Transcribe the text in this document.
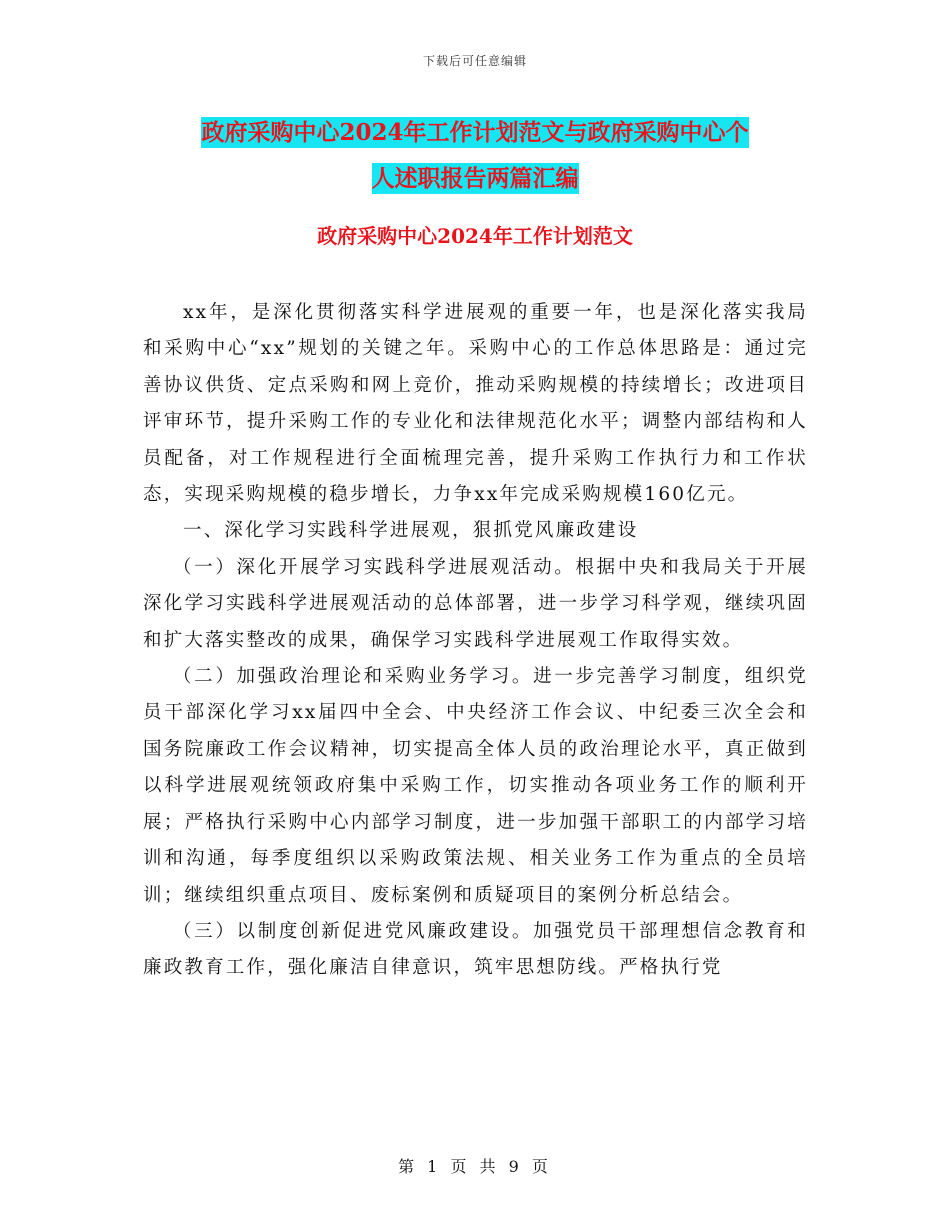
下载后可任意编辑
政府采购中心2024年工作计划范文与政府采购中心个
人述职报告两篇汇编
政府采购中心2024年工作计划范文

xx年，是深化贯彻落实科学进展观的重要一年，也是深化落实我局和采购中心“xx”规划的关键之年。采购中心的工作总体思路是：通过完善协议供货、定点采购和网上竞价，推动采购规模的持续增长；改进项目评审环节，提升采购工作的专业化和法律规范化水平；调整内部结构和人员配备，对工作规程进行全面梳理完善，提升采购工作执行力和工作状态，实现采购规模的稳步增长，力争xx年完成采购规模160亿元。

一、深化学习实践科学进展观，狠抓党风廉政建设

（一）深化开展学习实践科学进展观活动。根据中央和我局关于开展深化学习实践科学进展观活动的总体部署，进一步学习科学观，继续巩固和扩大落实整改的成果，确保学习实践科学进展观工作取得实效。

（二）加强政治理论和采购业务学习。进一步完善学习制度，组织党员干部深化学习xx届四中全会、中央经济工作会议、中纪委三次全会和国务院廉政工作会议精神，切实提高全体人员的政治理论水平，真正做到以科学进展观统领政府集中采购工作，切实推动各项业务工作的顺利开展；严格执行采购中心内部学习制度，进一步加强干部职工的内部学习培训和沟通，每季度组织以采购政策法规、相关业务工作为重点的全员培训；继续组织重点项目、废标案例和质疑项目的案例分析总结会。

（三）以制度创新促进党风廉政建设。加强党员干部理想信念教育和廉政教育工作，强化廉洁自律意识，筑牢思想防线。严格执行党

第 1 页 共 9 页
